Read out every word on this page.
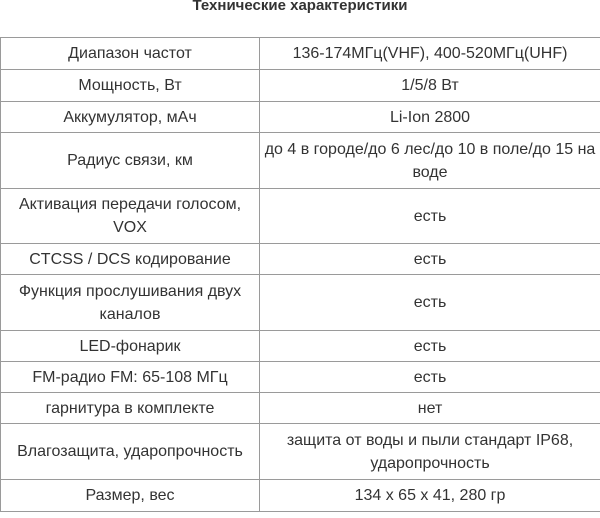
Технические характеристики
Диапазон частот	136-174МГц(VHF), 400-520МГц(UHF)
Мощность, Вт	1/5/8 Вт
Аккумулятор, мАч	Li-Ion 2800
Радиус связи, км	до 4 в городе/до 6 лес/до 10 в поле/до 15 на воде
Активация передачи голосом, VOX	есть
CTCSS / DCS кодирование	есть
Функция прослушивания двух каналов	есть
LED-фонарик	есть
FM-радио FM: 65-108 МГц	есть
гарнитура в комплекте	нет
Влагозащита, ударопрочность	защита от воды и пыли стандарт IP68, ударопрочность
Размер, вес	134 х 65 х 41, 280 гр
